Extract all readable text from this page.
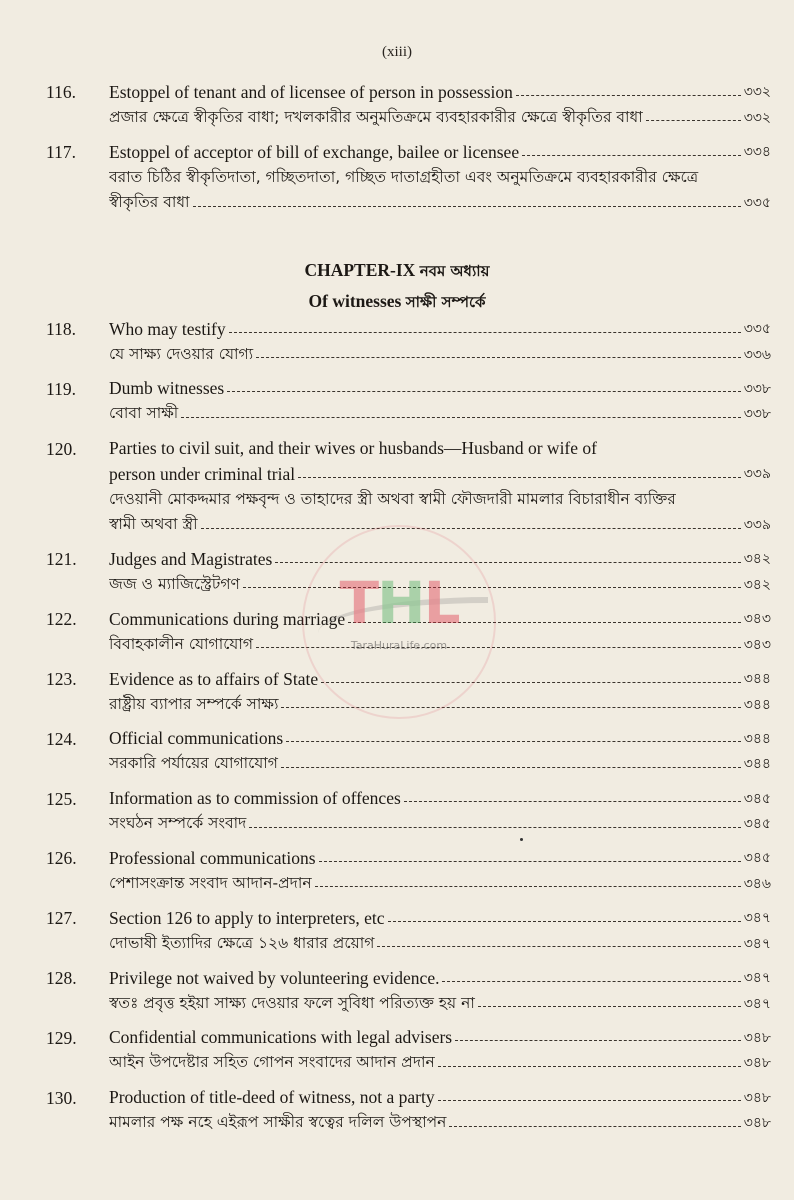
(xiii)
116.	Estoppel of tenant and of licensee of person in possession	৩৩২
প্রজার ক্ষেত্রে স্বীকৃতির বাধা; দখলকারীর অনুমতিক্রমে ব্যবহারকারীর ক্ষেত্রে স্বীকৃতির বাধা	৩৩২
117.	Estoppel of acceptor of bill of exchange, bailee or licensee	৩৩৪
বরাত চিঠির স্বীকৃতিদাতা, গচ্ছিতদাতা, গচ্ছিত দাতাগ্রহীতা এবং অনুমতিক্রমে ব্যবহারকারীর ক্ষেত্রে
স্বীকৃতির বাধা	৩৩৫
CHAPTER-IX নবম অধ্যায়
Of witnesses সাক্ষী সম্পর্কে
118.	Who may testify	৩৩৫
যে সাক্ষ্য দেওয়ার যোগ্য	৩৩৬
119.	Dumb witnesses	৩৩৮
বোবা সাক্ষী	৩৩৮
120.	Parties to civil suit, and their wives or husbands—Husband or wife of
person under criminal trial	৩৩৯
দেওয়ানী মোকদ্দমার পক্ষবৃন্দ ও তাহাদের স্ত্রী অথবা স্বামী ফৌজদারী মামলার বিচারাধীন ব্যক্তির
স্বামী অথবা স্ত্রী	৩৩৯
121.	Judges and Magistrates	৩৪২
জজ ও ম্যাজিস্ট্রেটগণ	৩৪২
122.	Communications during marriage	৩৪৩
বিবাহকালীন যোগাযোগ	৩৪৩
123.	Evidence as to affairs of State	৩৪৪
রাষ্ট্রীয় ব্যাপার সম্পর্কে সাক্ষ্য	৩৪৪
124.	Official communications	৩৪৪
সরকারি পর্যায়ের যোগাযোগ	৩৪৪
125.	Information as to commission of offences	৩৪৫
সংঘঠন সম্পর্কে সংবাদ	৩৪৫
126.	Professional communications	৩৪৫
পেশাসংক্রান্ত সংবাদ আদান-প্রদান	৩৪৬
127.	Section 126 to apply to interpreters, etc	৩৪৭
দোভাষী ইত্যাদির ক্ষেত্রে ১২৬ ধারার প্রয়োগ	৩৪৭
128.	Privilege not waived by volunteering evidence.	৩৪৭
স্বতঃ প্রবৃত্ত হইয়া সাক্ষ্য দেওয়ার ফলে সুবিধা পরিত্যক্ত হয় না	৩৪৭
129.	Confidential communications with legal advisers	৩৪৮
আইন উপদেষ্টার সহিত গোপন সংবাদের আদান প্রদান	৩৪৮
130.	Production of title-deed of witness, not a party	৩৪৮
মামলার পক্ষ নহে এইরূপ সাক্ষীর স্বত্বের দলিল উপস্থাপন	৩৪৮
THL
TaraHuraLife.com
